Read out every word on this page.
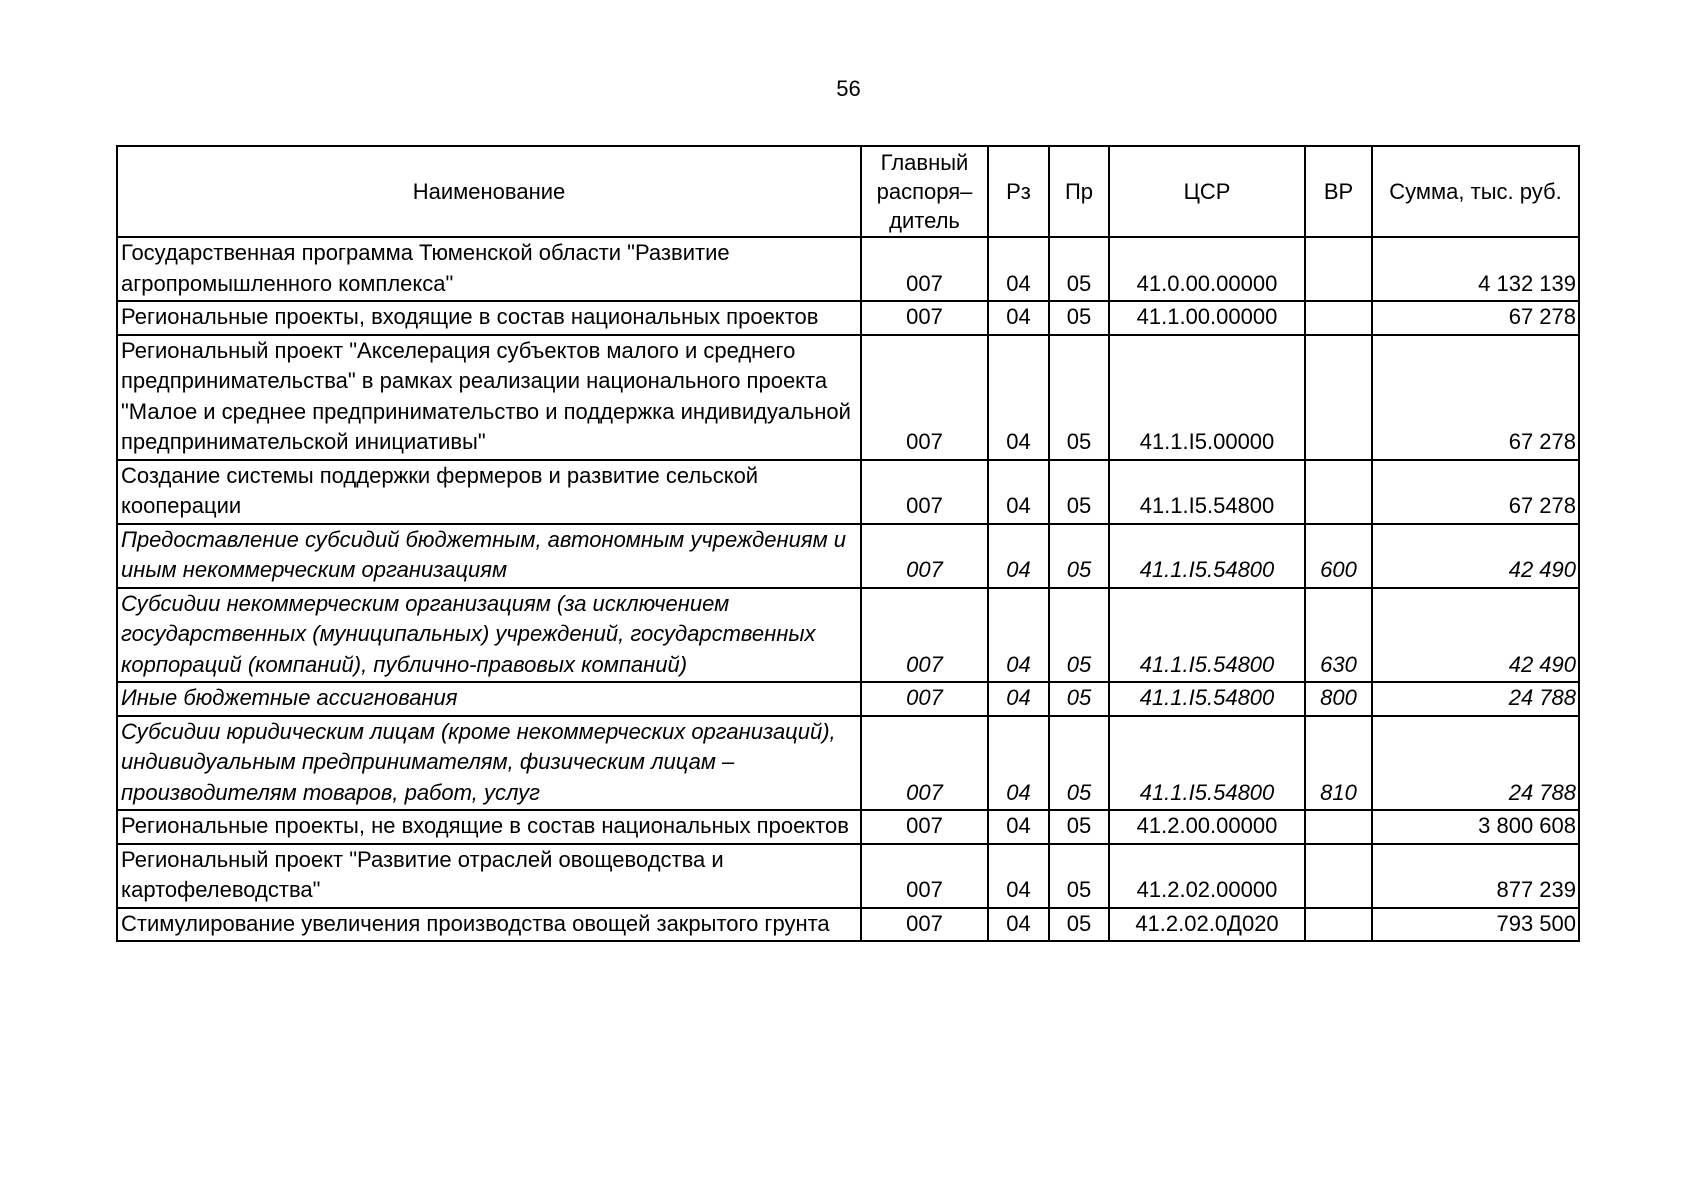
56
Наименование	Главный распоря– дитель	Рз	Пр	ЦСР	ВР	Сумма, тыс. руб.
Государственная программа Тюменской области "Развитие агропромышленного комплекса"	007	04	05	41.0.00.00000		4 132 139
Региональные проекты, входящие в состав национальных проектов	007	04	05	41.1.00.00000		67 278
Региональный проект "Акселерация субъектов малого и среднего предпринимательства" в рамках реализации национального проекта "Малое и среднее предпринимательство и поддержка индивидуальной предпринимательской инициативы"	007	04	05	41.1.I5.00000		67 278
Создание системы поддержки фермеров и развитие сельской кооперации	007	04	05	41.1.I5.54800		67 278
Предоставление субсидий бюджетным, автономным учреждениям и иным некоммерческим организациям	007	04	05	41.1.I5.54800	600	42 490
Субсидии некоммерческим организациям (за исключением государственных (муниципальных) учреждений, государственных корпораций (компаний), публично-правовых компаний)	007	04	05	41.1.I5.54800	630	42 490
Иные бюджетные ассигнования	007	04	05	41.1.I5.54800	800	24 788
Субсидии юридическим лицам (кроме некоммерческих организаций), индивидуальным предпринимателям, физическим лицам – производителям товаров, работ, услуг	007	04	05	41.1.I5.54800	810	24 788
Региональные проекты, не входящие в состав национальных проектов	007	04	05	41.2.00.00000		3 800 608
Региональный проект "Развитие отраслей овощеводства и картофелеводства"	007	04	05	41.2.02.00000		877 239
Стимулирование увеличения производства овощей закрытого грунта	007	04	05	41.2.02.0Д020		793 500
